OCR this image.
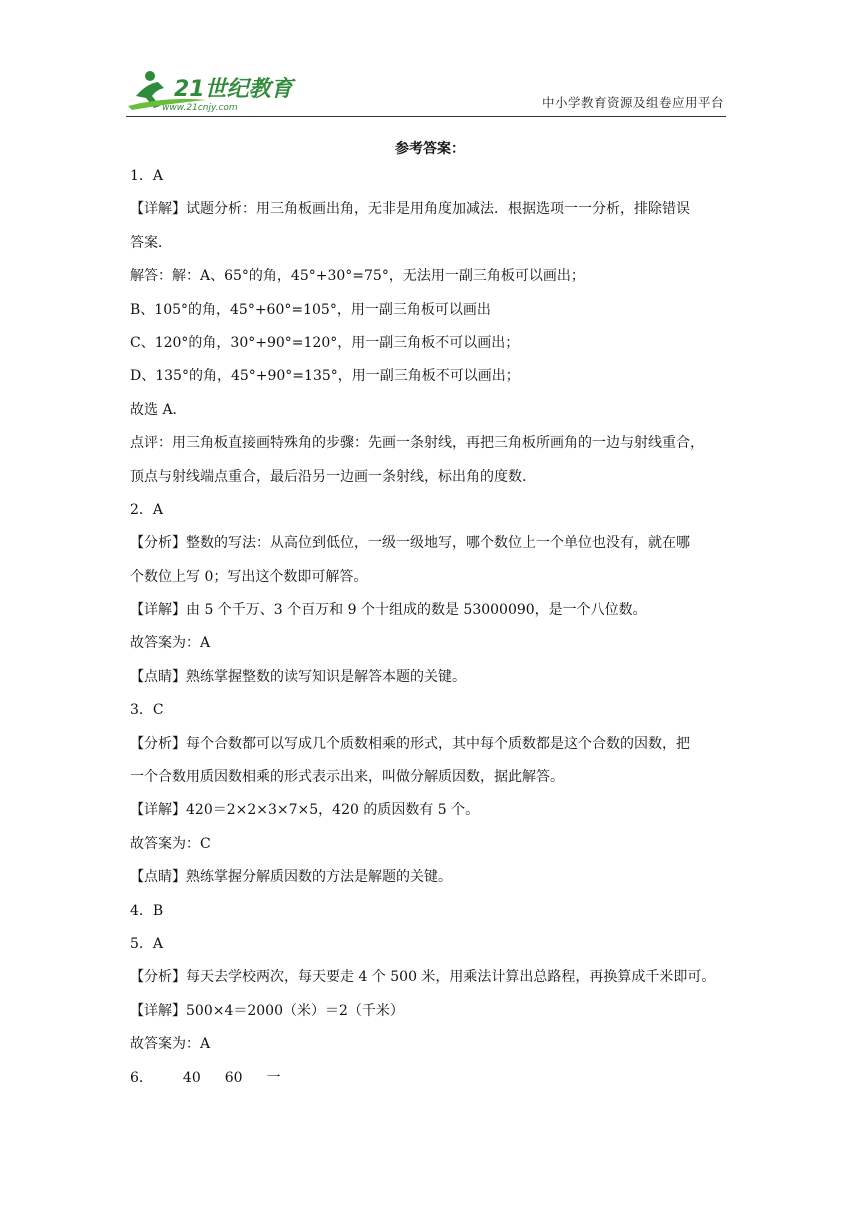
21世纪教育
www.21cnjy.com	中小学教育资源及组卷应用平台
参考答案：
1．A
【详解】试题分析：用三角板画出角，无非是用角度加减法．根据选项一一分析，排除错误
答案．
解答：解：A、65°的角，45°+30°=75°，无法用一副三角板可以画出；
B、105°的角，45°+60°=105°，用一副三角板可以画出
C、120°的角，30°+90°=120°，用一副三角板不可以画出；
D、135°的角，45°+90°=135°，用一副三角板不可以画出；
故选 A．
点评：用三角板直接画特殊角的步骤：先画一条射线，再把三角板所画角的一边与射线重合，
顶点与射线端点重合，最后沿另一边画一条射线，标出角的度数．
2．A
【分析】整数的写法：从高位到低位，一级一级地写，哪个数位上一个单位也没有，就在哪
个数位上写 0；写出这个数即可解答。
【详解】由 5 个千万、3 个百万和 9 个十组成的数是 53000090，是一个八位数。
故答案为：A
【点睛】熟练掌握整数的读写知识是解答本题的关键。
3．C
【分析】每个合数都可以写成几个质数相乘的形式，其中每个质数都是这个合数的因数，把
一个合数用质因数相乘的形式表示出来，叫做分解质因数，据此解答。
【详解】420＝2×2×3×7×5，420 的质因数有 5 个。
故答案为：C
【点睛】熟练掌握分解质因数的方法是解题的关键。
4．B
5．A
【分析】每天去学校两次，每天要走 4 个 500 米，用乘法计算出总路程，再换算成千米即可。
【详解】500×4＝2000（米）＝2（千米）
故答案为：A
6． 40 60 一
